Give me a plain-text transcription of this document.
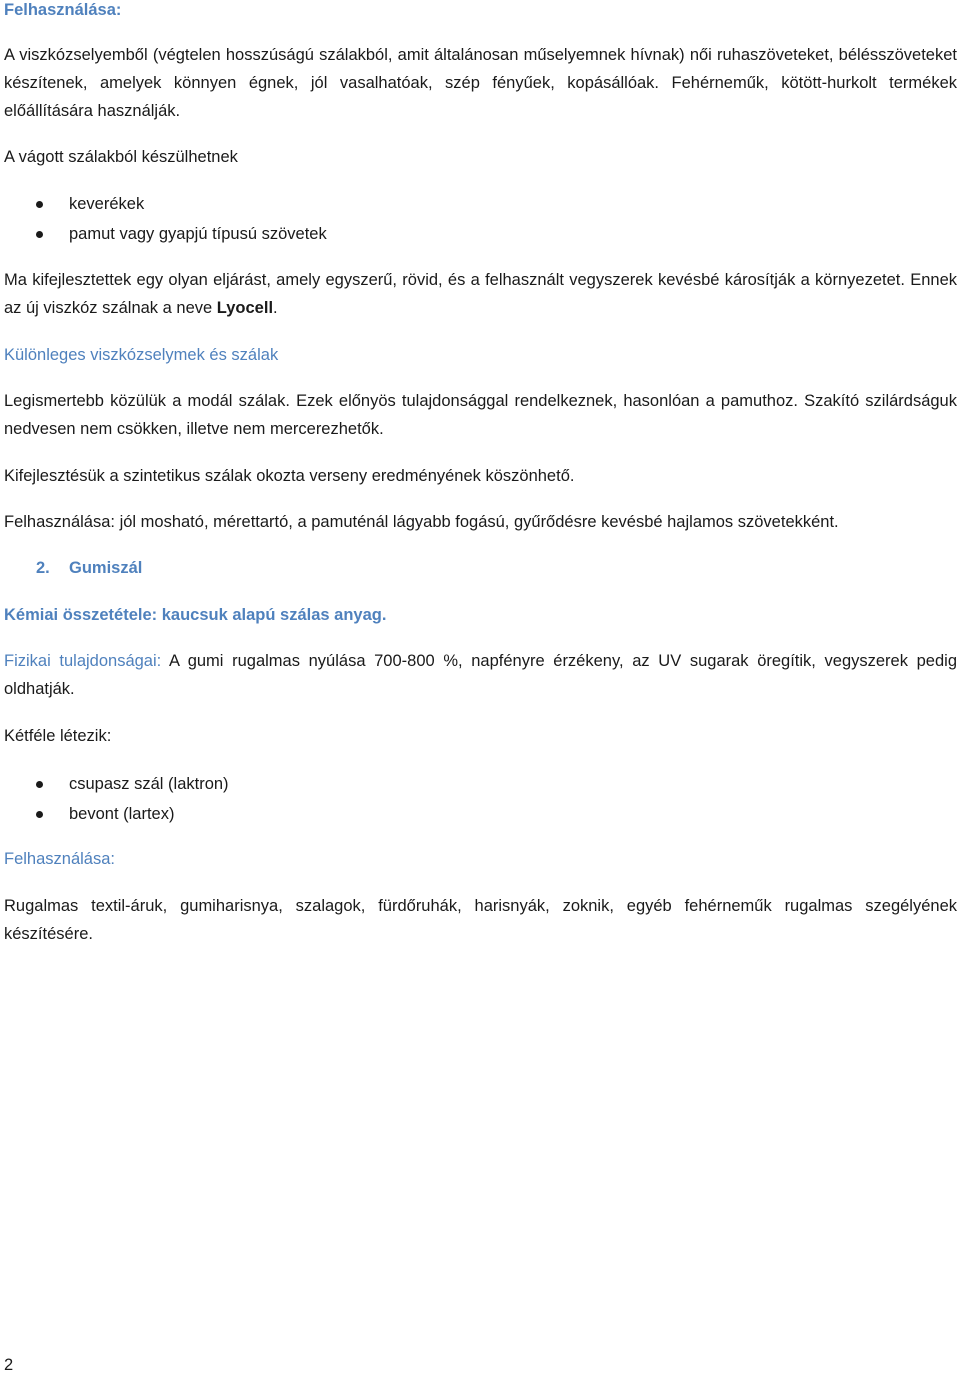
Felhasználása:

A viszkózselyemből (végtelen hosszúságú szálakból, amit általánosan műselyemnek hívnak) női ruhaszöveteket, bélésszöveteket készítenek, amelyek könnyen égnek, jól vasalhatóak, szép fényűek, kopásállóak. Fehérneműk, kötött-hurkolt termékek előállítására használják.

A vágott szálakból készülhetnek

keverékek
pamut vagy gyapjú típusú szövetek

Ma kifejlesztettek egy olyan eljárást, amely egyszerű, rövid, és a felhasznált vegyszerek kevésbé károsítják a környezetet. Ennek az új viszkóz szálnak a neve Lyocell.

Különleges viszkózselymek és szálak

Legismertebb közülük a modál szálak. Ezek előnyös tulajdonsággal rendelkeznek, hasonlóan a pamuthoz. Szakító szilárdságuk nedvesen nem csökken, illetve nem mercerezhetők.

Kifejlesztésük a szintetikus szálak okozta verseny eredményének köszönhető.

Felhasználása: jól mosható, mérettartó, a pamuténál lágyabb fogású, gyűrődésre kevésbé hajlamos szövetekként.

2. Gumiszál
Kémiai összetétele: kaucsuk alapú szálas anyag.

Fizikai tulajdonságai: A gumi rugalmas nyúlása 700-800 %, napfényre érzékeny, az UV sugarak öregítik, vegyszerek pedig oldhatják.

Kétféle létezik:

csupasz szál (laktron)
bevont (lartex)
Felhasználása:

Rugalmas textil-áruk, gumiharisnya, szalagok, fürdőruhák, harisnyák, zoknik, egyéb fehérneműk rugalmas szegélyének készítésére.

2
